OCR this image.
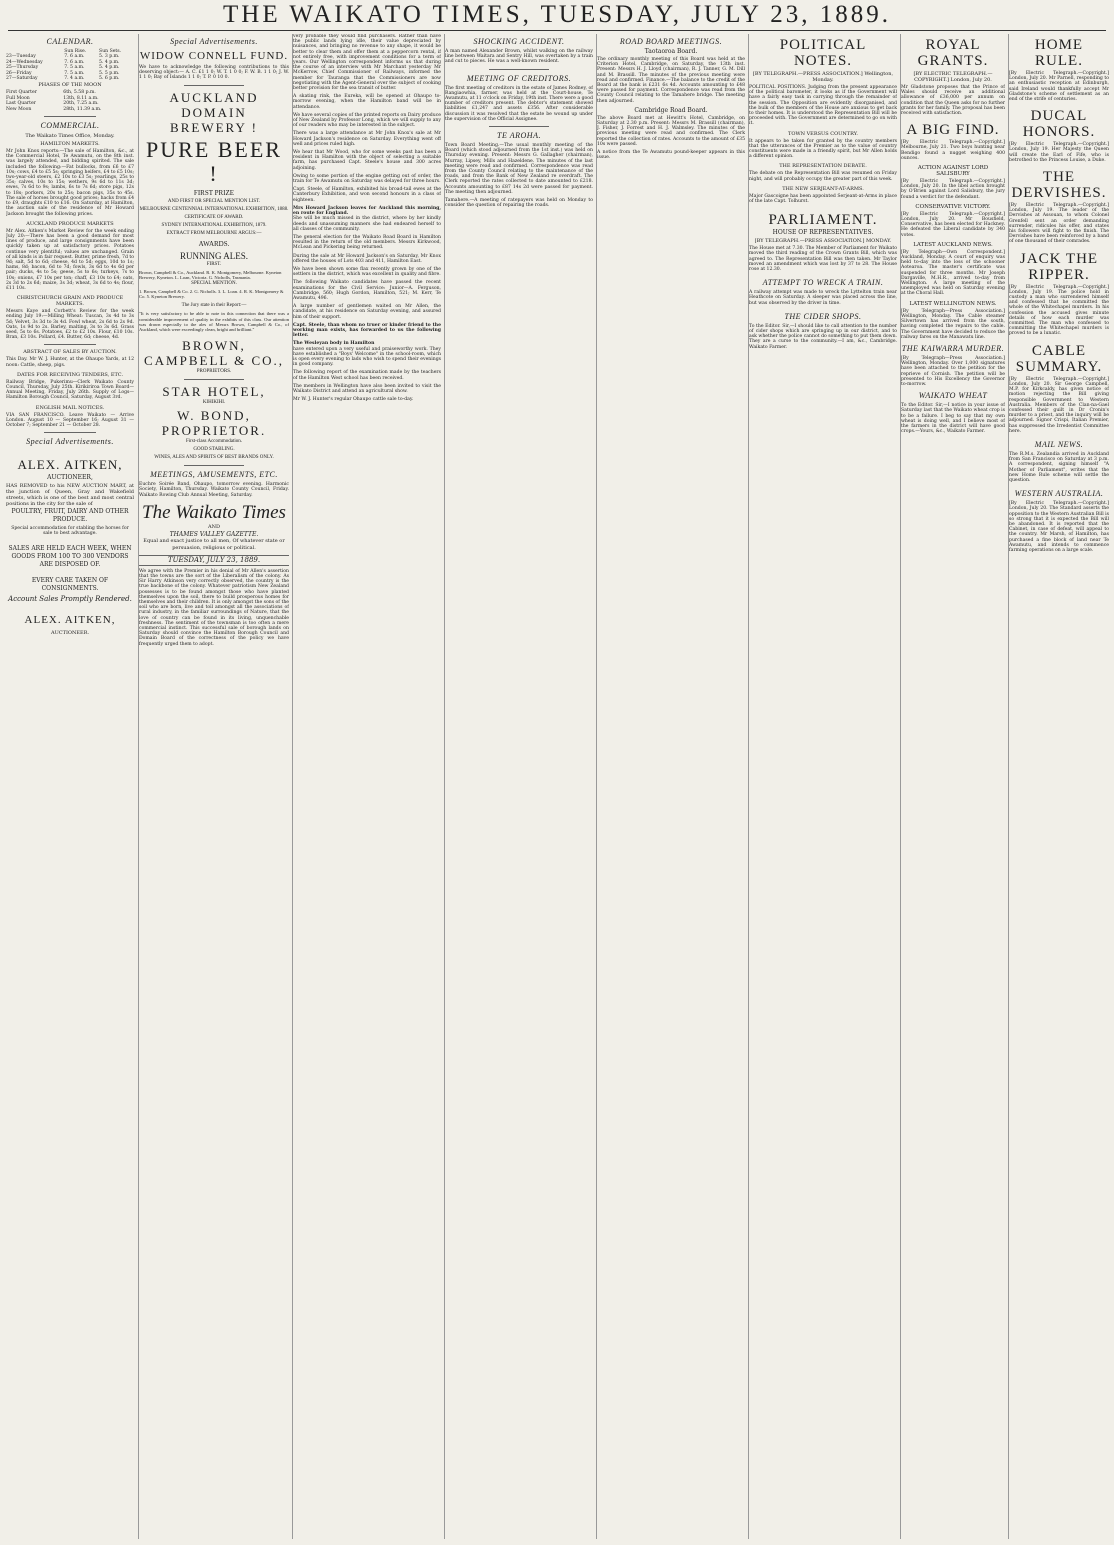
THE WAIKATO TIMES, TUESDAY, JULY 23, 1889.
CALENDAR.
	Sun Rise.	Sun Sets.
23—Tuesday	7. 6 a.m.	5. 3 p.m.
24—Wednesday	7. 6 a.m.	5. 4 p.m.
25—Thursday	7. 5 a.m.	5. 4 p.m.
26—Friday	7. 5 a.m.	5. 5 p.m.
27—Saturday	7. 4 a.m.	5. 6 p.m.
PHASES OF THE MOON
First Quarter	6th, 5.58 p.m.
Full Moon	13th, 8.11 a.m.
Last Quarter	20th, 7.25 a.m.
New Moon	28th, 11.39 a.m.
COMMERCIAL.
The Waikato Times Office, Monday.
HAMILTON MARKETS.

Mr John Knox reports:—The sale of Hamilton, &c., at the Commercial Hotel, Te Awamutu, on the 8th inst. was largely attended, and bidding spirited. The sale included the following:—Fat bullocks, from £6 to £7 10s; cows, £4 to £5 5s; springing heifers, £4 to £5 10s; two-year-old steers, £2 10s to £3 5s; yearlings, 25s to 35s; calves, 10s to 15s; wethers, 9s 6d to 11s 3d; ewes, 7s 6d to 9s; lambs, 6s to 7s 6d; store pigs, 12s to 18s; porkers, 20s to 25s; bacon pigs, 35s to 45s. The sale of horses brought good prices; hacks from £4 to £9, draughts £10 to £16. On Saturday, at Hamilton, the auction sale of the residence of Mr Howard Jackson brought the following prices.

AUCKLAND PRODUCE MARKETS

Mr Alex. Aitken's Market Review for the week ending July 20:—There has been a good demand for most lines of produce, and large consignments have been quickly taken up at satisfactory prices. Potatoes continue very plentiful; values are unchanged. Grain of all kinds is in fair request. Butter, prime fresh, 7d to 9d; salt, 5d to 6d; cheese, 4d to 5d; eggs, 10d to 1s; hams, 8d; bacon, 6d to 7d; fowls, 3s 6d to 4s 6d per pair; ducks, 4s to 5s; geese, 5s to 6s; turkeys, 7s to 10s; onions, £7 10s per ton; chaff, £3 10s to £4; oats, 2s 3d to 2s 6d; maize, 3s 3d; wheat, 3s 6d to 4s; flour, £11 10s.

CHRISTCHURCH GRAIN AND PRODUCE MARKETS.

Messrs Kaye and Corbett's Review for the week ending July 19:—Milling Wheat: Tuscan, 3s 4d to 3s 5d; Velvet, 3s 3d to 3s 4d. Fowl wheat, 2s 6d to 2s 9d. Oats, 1s 9d to 2s. Barley, malting, 3s to 3s 6d. Grass seed, 5s to 6s. Potatoes, £2 to £2 10s. Flour, £10 10s. Bran, £3 10s. Pollard, £4. Butter, 6d; cheese, 4d.

ABSTRACT OF SALES BY AUCTION.

This Day. Mr W. J. Hunter, at the Ohaupo Yards, at 12 noon: Cattle, sheep, pigs.

DATES FOR RECEIVING TENDERS, ETC.

Railway Bridge, Pukerimu—Clerk Waikato County Council, Thursday, July 25th. Kirikiriroa Town Board—Annual Meeting, Friday, July 26th. Supply of Logs—Hamilton Borough Council, Saturday, August 3rd.

ENGLISH MAIL NOTICES.

VIA SAN FRANCISCO. Leave Waikato — Arrive London. August 10 — September 16; August 31 — October 7; September 21 — October 28.

Special Advertisements.
ALEX. AITKEN,
AUCTIONEER,

HAS REMOVED to his NEW AUCTION MART, at the junction of Queen, Gray and Wakefield streets, which is one of the best and most central positions in the city for the sale of

POULTRY, FRUIT, DAIRY AND OTHER PRODUCE.

Special accommodation for stabling the horses for sale to best advantage.

SALES ARE HELD EACH WEEK, WHEN GOODS FROM 100 TO 300 VENDORS ARE DISPOSED OF.
EVERY CARE TAKEN OF CONSIGNMENTS.
Account Sales Promptly Rendered.
ALEX. AITKEN,
AUCTIONEER.
Special Advertisements.
WIDOW CONNELL FUND.

We have to acknowledge the following contributions to this deserving object:— A. C. £1 1 0; W. T. 1 0 0; F. W. B. 1 1 0; J. W. 1 1 0; Bay of Islands 1 1 0; T. P. 0 10 0.

AUCKLAND DOMAIN
BREWERY !
PURE BEER !
FIRST PRIZE
AND FIRST OR SPECIAL MENTION LIST.
MELBOURNE CENTENNIAL INTERNATIONAL EXHIBITION, 1888.
CERTIFICATE OF AWARD.
SYDNEY INTERNATIONAL EXHIBITION, 1879.
EXTRACT FROM MELBOURNE ARGUS:—
AWARDS.
RUNNING ALES.
FIRST.

Brown, Campbell & Co., Auckland. R. K. Montgomery, Melbourne. Kyneton Brewery, Kyneton. L. Loan, Victoria. G. Nicholls, Tasmania.

SPECIAL MENTION.

1. Brown, Campbell & Co. 2. G. Nicholls. 3. L. Loan. 4. R. K. Montgomery & Co. 5. Kyneton Brewery.

The Jury state in their Report:—

"It is very satisfactory to be able to note in this connection that there was a considerable improvement of quality in the exhibits of this class. Our attention was drawn especially to the ales of Messrs Brown, Campbell & Co., of Auckland, which were exceedingly clean, bright and brilliant."

BROWN, CAMPBELL & CO.,
PROPRIETORS.
STAR HOTEL,
KIHIKIHI.
W. BOND, PROPRIETOR.
First-class Accommodation.
GOOD STABLING.
WINES, ALES AND SPIRITS OF BEST BRANDS ONLY.
MEETINGS, AMUSEMENTS, ETC.

Euchre Soirée Band, Ohaupo, tomorrow evening. Harmonic Society, Hamilton, Thursday. Waikato County Council, Friday. Waikato Rowing Club Annual Meeting, Saturday.

The Waikato Times
AND
THAMES VALLEY GAZETTE.
Equal and exact justice to all men, Of whatever state or persuasion, religious or political.
TUESDAY, JULY 23, 1889.

We agree with the Premier in his denial of Mr Allen's assertion that the towns are the sort of the Liberalism of the colony. As Sir Harry Atkinson very correctly observed, the country is the true backbone of the colony. Whatever patriotism New Zealand possesses is to be found amongst those who have planted themselves upon the soil, there to build prosperous homes for themselves and their children. It is only amongst the sons of the soil who are born, live and toil amongst all the associations of rural industry, in the familiar surroundings of Nature, that the love of country can be found in its living, unquenchable freshness. The sentiment of the townsman is too often a mere commercial instinct. This successful sale of borough lands on Saturday should convince the Hamilton Borough Council and Domain Board of the correctness of the policy we have frequently urged them to adopt.

very probable they would find purchasers. Rather than have the public lands lying idle, their value depreciated by nuisances, and bringing no revenue to any shape, it would be better to clear them and offer them at a peppercorn rental, if not entirely free, with improvement conditions for a term of years. Our Wellington correspondent informs us that during the course of an interview with Mr Marchant yesterday Mr McKerrow, Chief Commissioner of Railways, informed the member for Tauranga that the Commissioners are now negotiating with the Agent-General over the subject of cooking better provision for the sea transit of butter.

A skating rink, the Eureka, will be opened at Ohaupo to-morrow evening, when the Hamilton band will be in attendance.

We have several copies of the printed reports on Dairy produce of New Zealand by Professor Long, which we will supply to any of our readers who may be interested in the subject.

There was a large attendance at Mr John Knox's sale at Mr Howard Jackson's residence on Saturday. Everything went off well and prices ruled high.

We hear that Mr Wood, who for some weeks past has been a resident in Hamilton with the object of selecting a suitable farm, has purchased Capt. Steele's house and 300 acres adjoining.

Owing to some portion of the engine getting out of order, the train for Te Awamutu on Saturday was delayed for three hours.

Capt. Steele, of Hamilton, exhibited his broad-tail ewes at the Canterbury Exhibition, and won second honours in a class of eighteen.

Mrs Howard Jackson leaves for Auckland this morning, en route for England.

She will be much missed in the district, where by her kindly deeds and unassuming manners she had endeared herself to all classes of the community.

The general election for the Waikato Road Board in Hamilton resulted in the return of the old members. Messrs Kirkwood, McLean and Pickering being returned.

During the sale at Mr Howard Jackson's on Saturday, Mr Knox offered the houses of Lots 403 and 411, Hamilton East.

We have been shown some flax recently grown by one of the settlers in the district, which was excellent in quality and fibre.

The following Waikato candidates have passed the recent examinations for the Civil Service: Junior—A. Ferguson, Cambridge, 560; Hugh Gordon, Hamilton, 521; M. Kerr, Te Awamutu, 496.

A large number of gentlemen waited on Mr Allen, the candidate, at his residence on Saturday evening, and assured him of their support.

Capt. Steele, than whom no truer or kinder friend to the working man exists, has forwarded to us the following letter.

The Wesleyan body in Hamilton

have entered upon a very useful and praiseworthy work. They have established a "Boys' Welcome" in the school-room, which is open every evening to lads who wish to spend their evenings in good company.

The following report of the examination made by the teachers of the Hamilton West school has been received.

The members in Wellington have also been invited to visit the Waikato District and attend an agricultural show.

Mr W. J. Hunter's regular Ohaupo cattle sale to-day.

SHOCKING ACCIDENT.

A man named Alexander Brown, whilst walking on the railway line between Waitara and Sentry Hill, was overtaken by a train and cut to pieces. He was a well-known resident.

MEETING OF CREDITORS.

The first meeting of creditors in the estate of James Rodney, of Rangiaowhia, farmer, was held at the Court-house, Te Awamutu, at 11 o'clock on Friday, 19th inst. There were a good number of creditors present. The debtor's statement showed liabilities £1,247 and assets £356. After considerable discussion it was resolved that the estate be wound up under the supervision of the Official Assignee.

TE AROHA.

Town Board Meeting.—The usual monthly meeting of the Board (which stood adjourned from the 1st inst.) was held on Thursday evening. Present: Messrs G. Gallagher (chairman), Murray, Lipsey, Mills and Hazeldene. The minutes of the last meeting were read and confirmed. Correspondence was read from the County Council relating to the maintenance of the roads, and from the Bank of New Zealand re overdraft. The Clerk reported the rates collected to date amounted to £218. Accounts amounting to £87 14s 2d were passed for payment. The meeting then adjourned.

Tamahere.—A meeting of ratepayers was held on Monday to consider the question of repairing the roads.

ROAD BOARD MEETINGS.
Taotaoroa Board.

The ordinary monthly meeting of this Board was held at the Criterion Hotel, Cambridge, on Saturday, the 13th inst. Present: Messrs H. J. Lloyd (chairman), R. J. Tanner, G. M. Dill and M. Brassill. The minutes of the previous meeting were read and confirmed. Finance.—The balance to the credit of the Board at the bank is £231 6s 4d. Accounts amounting to £48 were passed for payment. Correspondence was read from the County Council relating to the Tamahere bridge. The meeting then adjourned.

Cambridge Road Board.

The above Board met at Hewitt's Hotel, Cambridge, on Saturday at 2.30 p.m. Present: Messrs M. Brassill (chairman), J. Fisher, J. Forrest and H. J. Walmsley. The minutes of the previous meeting were read and confirmed. The Clerk reported the collection of rates. Accounts to the amount of £35 10s were passed.

A notice from the Te Awamutu pound-keeper appears in this issue.

POLITICAL NOTES.
[BY TELEGRAPH.—PRESS ASSOCIATION.] Wellington, Monday.

POLITICAL POSITIONS. Judging from the present appearance of the political barometer, it looks as if the Government will have a fairly easy task in carrying through the remainder of the session. The Opposition are evidently disorganised, and the bulk of the members of the House are anxious to get back to their homes. It is understood the Representation Bill will be proceeded with. The Government are determined to go on with it.

TOWN VERSUS COUNTRY.

It appears to be taken for granted by the country members that the utterances of the Premier as to the value of country constituents were made in a friendly spirit, but Mr Allen holds a different opinion.

THE REPRESENTATION DEBATE.

The debate on the Representation Bill was resumed on Friday night, and will probably occupy the greater part of this week.

THE NEW SERJEANT-AT-ARMS.

Major Gascoigne has been appointed Serjeant-at-Arms in place of the late Capt. Tolhurst.

PARLIAMENT.
HOUSE OF REPRESENTATIVES.
[BY TELEGRAPH.—PRESS ASSOCIATION.] MONDAY.

The House met at 7.30. The Member of Parliament for Waikato moved the third reading of the Crown Grants Bill, which was agreed to. The Representation Bill was then taken. Mr Taylor moved an amendment which was lost by 37 to 28. The House rose at 12.30.

ATTEMPT TO WRECK A TRAIN.

A railway attempt was made to wreck the Lyttelton train near Heathcote on Saturday. A sleeper was placed across the line, but was observed by the driver in time.

THE CIDER SHOPS.

To the Editor. Sir,—I should like to call attention to the number of cider shops which are springing up in our district, and to ask whether the police cannot do something to put them down. They are a curse to the community.—I am, &c., Cambridge. Waikato Farmer.

ROYAL GRANTS.
[BY ELECTRIC TELEGRAPH.—COPYRIGHT.] London, July 20.

Mr Gladstone proposes that the Prince of Wales should receive an additional allowance of £36,000 per annum on condition that the Queen asks for no further grants for her family. The proposal has been received with satisfaction.

A BIG FIND.

[By Electric Telegraph.—Copyright.] Melbourne, July 21. Two boys hunting near Bendigo found a nugget weighing 400 ounces.

ACTION AGAINST LORD SALISBURY

[By Electric Telegraph.—Copyright.] London, July 20. In the libel action brought by O'Brien against Lord Salisbury, the jury found a verdict for the defendant.

CONSERVATIVE VICTORY.

[By Electric Telegraph.—Copyright.] London, July 20. Mr Bousfield, Conservative, has been elected for Hackney. He defeated the Liberal candidate by 340 votes.

LATEST AUCKLAND NEWS.

[By Telegraph—Own Correspondent.] Auckland, Monday. A court of enquiry was held to-day into the loss of the schooner Aotearoa. The master's certificate was suspended for three months. Mr Joseph Dargaville, M.H.R., arrived to-day from Wellington. A large meeting of the unemployed was held on Saturday evening at the Choral Hall.

LATEST WELLINGTON NEWS.

[By Telegraph—Press Association.] Wellington, Monday. The Cable steamer Silvertown has arrived from the south, having completed the repairs to the cable. The Government have decided to reduce the railway fares on the Manawatu line.

THE KAIWARRA MURDER.

[By Telegraph—Press Association.] Wellington, Monday. Over 1,000 signatures have been attached to the petition for the reprieve of Cornish. The petition will be presented to His Excellency the Governor to-morrow.

WAIKATO WHEAT

To the Editor. Sir,—I notice in your issue of Saturday last that the Waikato wheat crop is to be a failure. I beg to say that my own wheat is doing well, and I believe most of the farmers in the district will have good crops.—Yours, &c., Waikato Farmer.

HOME RULE.

[By Electric Telegraph.—Copyright.] London, July 20. Mr Parnell, responding to an enthusiastic reception at Edinburgh, said Ireland would thankfully accept Mr Gladstone's scheme of settlement as an end of the strife of centuries.

DUCAL HONORS.

[By Electric Telegraph.—Copyright.] London, July 19. Her Majesty the Queen will create the Earl of Fife, who is betrothed to the Princess Louise, a Duke.

THE DERVISHES.

[By Electric Telegraph.—Copyright.] London, July 19. The leader of the Dervishes at Assouan, to whom Colonel Grenfell sent an order demanding surrender, ridicules his offer, and states his followers will fight to the finish. The Dervishes have been reinforced by a band of one thousand of their comrades.

JACK THE RIPPER.

[By Electric Telegraph.—Copyright.] London, July 19. The police hold in custody a man who surrendered himself and confessed that he committed the whole of the Whitechapel murders. In his confession the accused gives minute details of how each murder was committed. The man who confessed to committing the Whitechapel murders is proved to be a lunatic.

CABLE SUMMARY.

[By Electric Telegraph.—Copyright.] London, July 20. Sir George Campbell, M.P. for Kirkcaldy, has given notice of motion rejecting the Bill giving responsible Government to Western Australia. Members of the Clan-na-Gael confessed their guilt in Dr Cronin's murder to a priest, and the inquiry will be adjourned. Signor Crispi, Italian Premier, has suppressed the Irredentist Committee here.

MAIL NEWS.

The R.M.s. Zealandia arrived in Auckland from San Francisco on Saturday at 3 p.m. A correspondent, signing himself "A Mother of Parliament", writes that the new Home Rule scheme will settle the question.

WESTERN AUSTRALIA.

[By Electric Telegraph.—Copyright.] London, July 20. The Standard asserts the opposition to the Western Australian Bill is so strong that it is expected the Bill will be abandoned. It is reported that the Cabinet, in case of defeat, will appeal to the country. Mr Marsh, of Hamilton, has purchased a fine block of land near Te Awamutu, and intends to commence farming operations on a large scale.
